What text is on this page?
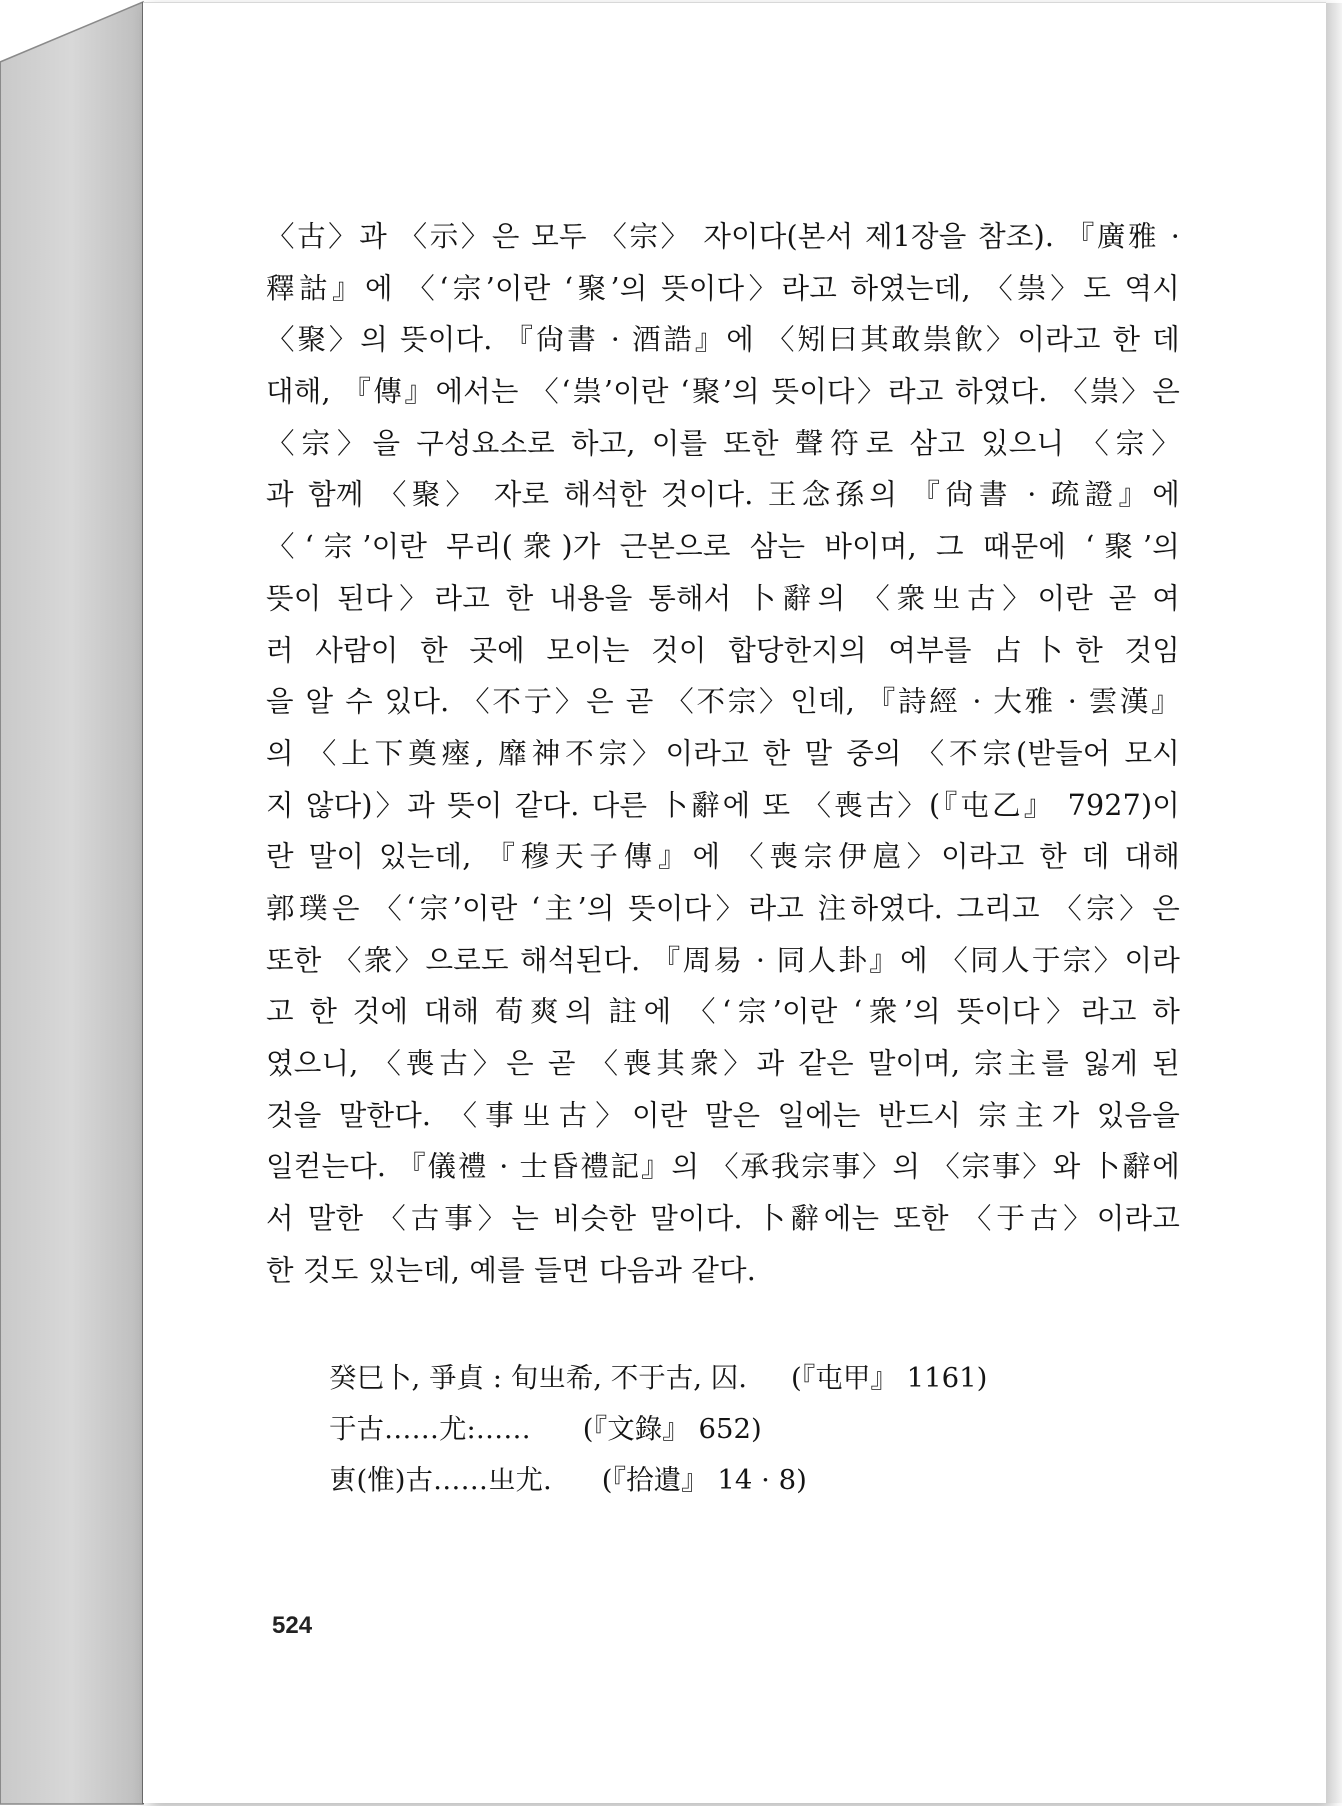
〈古〉과 〈示〉은 모두 〈宗〉 자이다(본서 제1장을 참조). 『廣雅 ·
釋詁』에 〈‘宗’이란 ‘聚’의 뜻이다〉라고 하였는데, 〈祟〉도 역시
〈聚〉의 뜻이다. 『尙書 · 酒誥』에 〈矧曰其敢祟飮〉이라고 한 데
대해, 『傳』에서는 〈‘祟’이란 ‘聚’의 뜻이다〉라고 하였다. 〈祟〉은
〈宗〉을 구성요소로 하고, 이를 또한 聲符로 삼고 있으니 〈宗〉
과 함께 〈聚〉 자로 해석한 것이다. 王念孫의 『尙書 · 疏證』에
〈‘宗’이란 무리(衆)가 근본으로 삼는 바이며, 그 때문에 ‘聚’의
뜻이 된다〉라고 한 내용을 통해서 卜辭의 〈衆㞢古〉이란 곧 여
러 사람이 한 곳에 모이는 것이 합당한지의 여부를 占卜한 것임
을 알 수 있다. 〈不亍〉은 곧 〈不宗〉인데, 『詩經 · 大雅 · 雲漢』
의 〈上下奠瘞, 靡神不宗〉이라고 한 말 중의 〈不宗(받들어 모시
지 않다)〉과 뜻이 같다. 다른 卜辭에 또 〈喪古〉(『屯乙』 7927)이
란 말이 있는데, 『穆天子傳』에 〈喪宗伊扈〉이라고 한 데 대해
郭璞은 〈‘宗’이란 ‘主’의 뜻이다〉라고 注하였다. 그리고 〈宗〉은
또한 〈衆〉으로도 해석된다. 『周易 · 同人卦』에 〈同人于宗〉이라
고 한 것에 대해 荀爽의 註에 〈‘宗’이란 ‘衆’의 뜻이다〉라고 하
였으니, 〈喪古〉은 곧 〈喪其衆〉과 같은 말이며, 宗主를 잃게 된
것을 말한다. 〈事㞢古〉이란 말은 일에는 반드시 宗主가 있음을
일컫는다. 『儀禮 · 士昏禮記』의 〈承我宗事〉의 〈宗事〉와 卜辭에
서 말한 〈古事〉는 비슷한 말이다. 卜辭에는 또한 〈于古〉이라고
한 것도 있는데, 예를 들면 다음과 같다.
癸巳卜, 爭貞 : 旬㞢希, 不于古, 囚. (『屯甲』 1161)
于古……尤:…… (『文錄』 652)
叀(惟)古……㞢尤. (『拾遺』 14 · 8)
524
